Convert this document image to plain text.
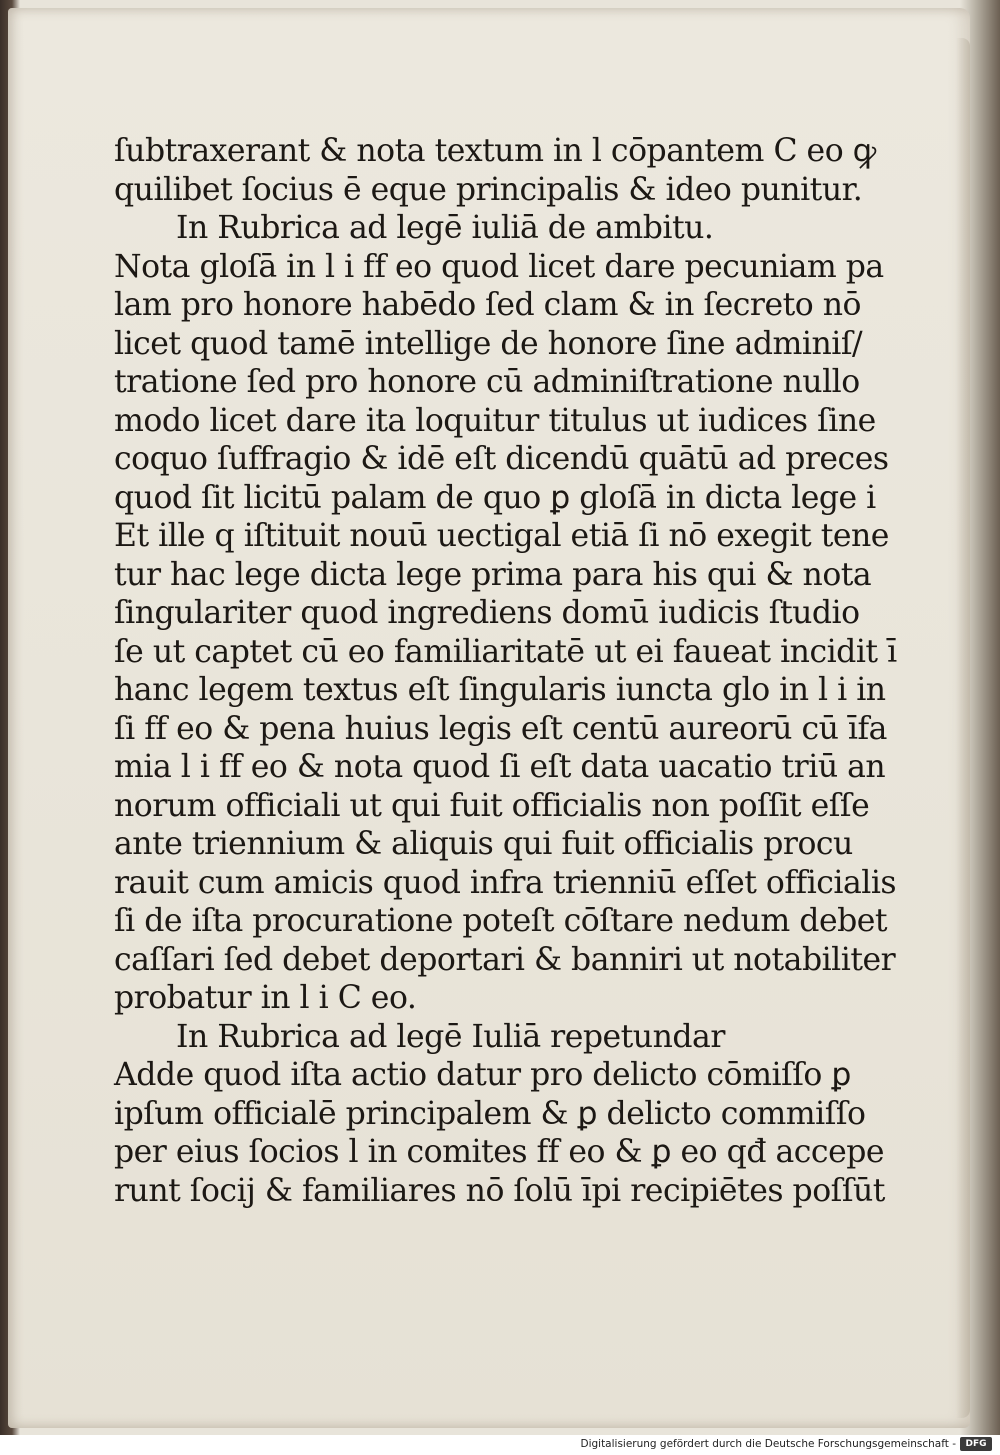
ſubtraxerant & nota textum in l cōpantem C eo ꝙ
quilibet ſocius ē eque principalis & ideo punitur.
In Rubrica ad legē iuliā de ambitu.
Nota gloſā in l i ff eo quod licet dare pecuniam pa
lam pro honore habēdo ſed clam & in ſecreto nō
licet quod tamē intellige de honore ſine adminiſ/
tratione ſed pro honore cū adminiſtratione nullo
modo licet dare ita loquitur titulus ut iudices ſine
coquo ſuffragio & idē eſt dicendū quātū ad preces
quod ſit licitū palam de quo ꝑ gloſā in dicta lege i
Et ille q iſtituit nouū uectigal etiā ſi nō exegit tene
tur hac lege dicta lege prima para his qui & nota
ſingulariter quod ingrediens domū iudicis ſtudio
ſe ut captet cū eo familiaritatē ut ei faueat incidit ī
hanc legem textus eſt ſingularis iuncta glo in l i in
ſi ff eo & pena huius legis eſt centū aureorū cū īfa
mia l i ff eo & nota quod ſi eſt data uacatio triū an
norum officiali ut qui fuit officialis non poſſit eſſe
ante triennium & aliquis qui fuit officialis procu
rauit cum amicis quod infra trienniū eſſet officialis
ſi de iſta procuratione poteſt cōſtare nedum debet
caſſari ſed debet deportari & banniri ut notabiliter
probatur in l i C eo.
In Rubrica ad legē Iuliā repetundar
Adde quod iſta actio datur pro delicto cōmiſſo ꝑ
ipſum officialē principalem & ꝑ delicto commiſſo
per eius ſocios l in comites ff eo & ꝑ eo qđ accepe
runt ſocij & familiares nō ſolū īpi recipiētes poſſūt
Digitalisierung gefördert durch die Deutsche Forschungsgemeinschaft -	DFG
